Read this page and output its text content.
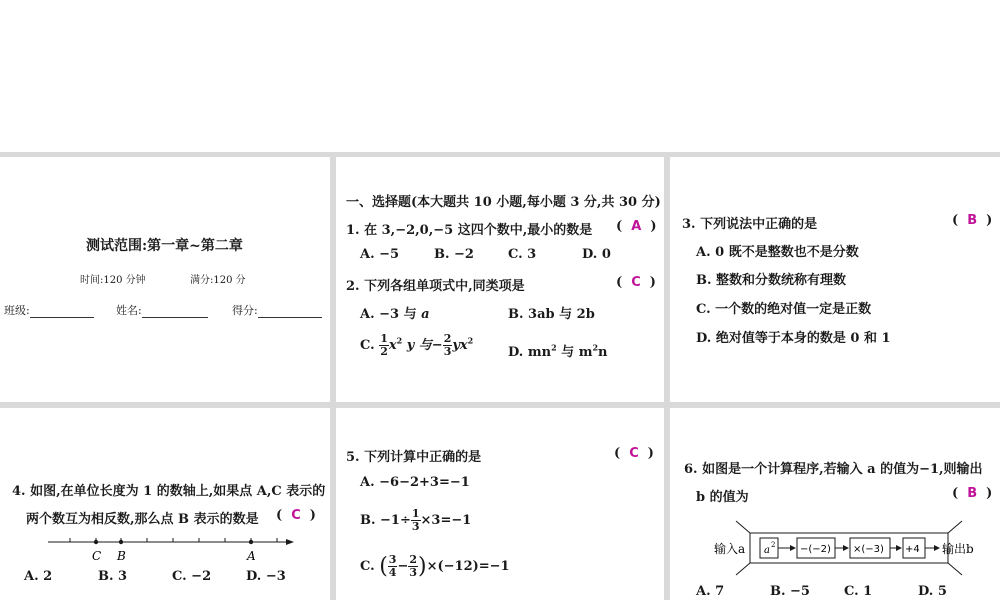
测试范围:第一章~第二章
时间:120 分钟	满分:120 分
班级:	姓名:	得分:
一、选择题(本大题共 10 小题,每小题 3 分,共 30 分)
1. 在 3,−2,0,−5 这四个数中,最小的数是 (  A  )
A. −5	B. −2	C. 3	D. 0
2. 下列各组单项式中,同类项是	(  C  )
A. −3 与 a	B. 3ab 与 2b
C. $\frac{1}{2} x^2$ y 与− $\frac{2}{3} yx^2$
D. $mn^2$ 与 $m^2n$
3. 下列说法中正确的是	(  B  )
A. 0 既不是整数也不是分数
B. 整数和分数统称有理数
C. 一个数的绝对值一定是正数
D. 绝对值等于本身的数是 0 和 1
4. 如图,在单位长度为 1 的数轴上,如果点 A,C 表示的
两个数互为相反数,那么点 B 表示的数是 (  C  )
C B	A
A. 2	B. 3	C. −2	D. −3
5. 下列计算中正确的是	(  C  )
A. −6−2+3=−1
B. $-1\div \frac{1}{3} \times 3=-1$
C. ( $\frac{3}{4} - \frac{2}{3} )\times(-12)=-1$
6. 如图是一个计算程序,若输入 a 的值为−1,则输出
b 的值为	(  B  )
输入a a 2 −(−2) ×(−3) +4 输出b
A. 7	B. −5	C. 1	D. 5
